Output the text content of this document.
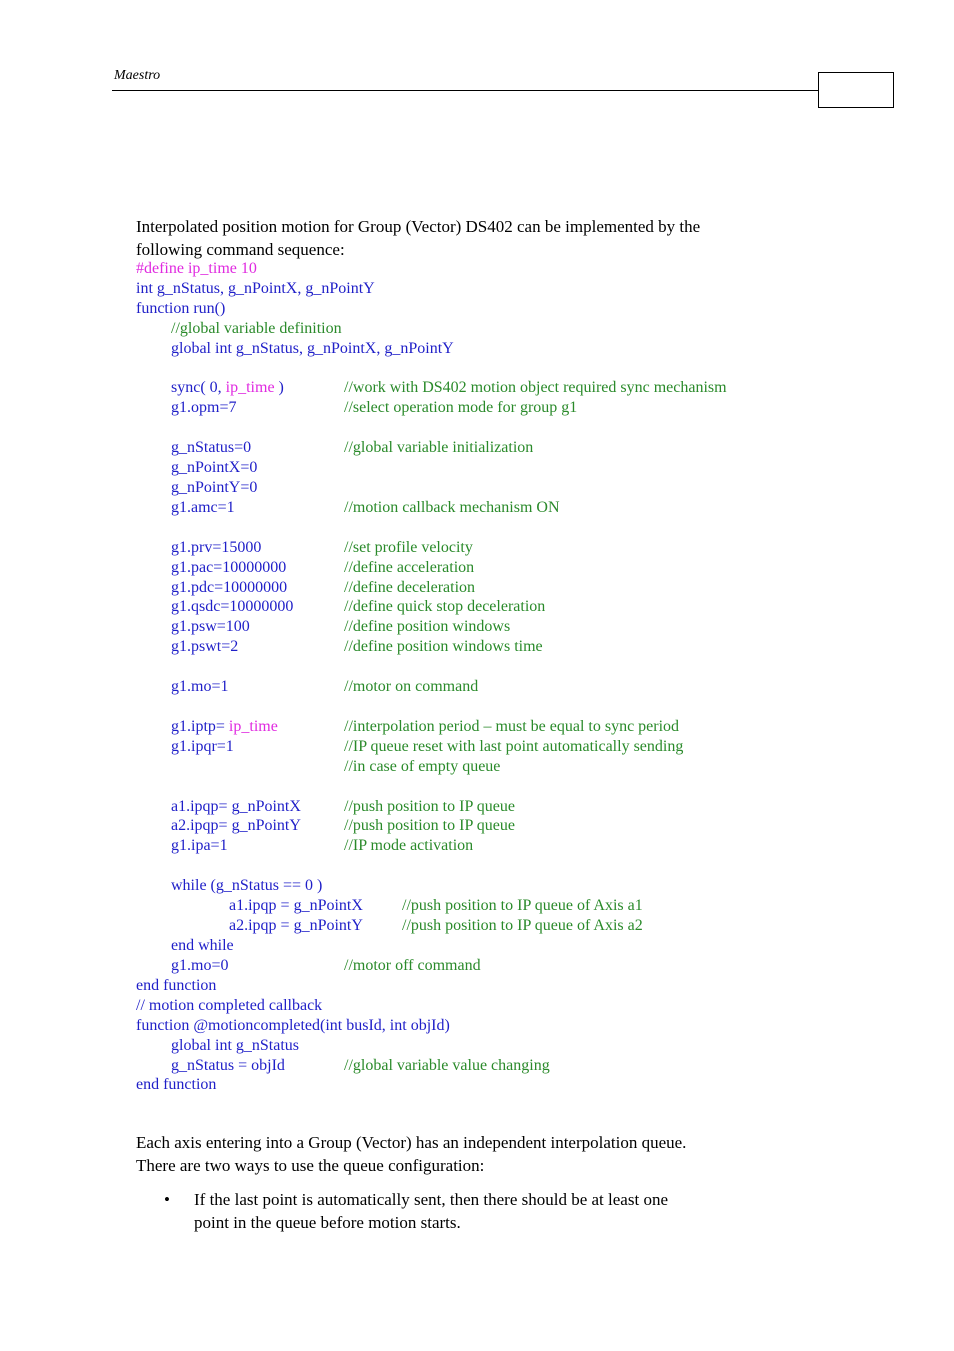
Maestro
Interpolated position motion for Group (Vector) DS402 can be implemented by the
following command sequence:
#define ip_time 10
int g_nStatus, g_nPointX, g_nPointY
function run()
//global variable definition
global int g_nStatus, g_nPointX, g_nPointY
sync( 0, ip_time )	//work with DS402 motion object required sync mechanism
g1.opm=7	//select operation mode for group g1
g_nStatus=0	//global variable initialization
g_nPointX=0
g_nPointY=0
g1.amc=1	//motion callback mechanism ON
g1.prv=15000	//set profile velocity
g1.pac=10000000	//define acceleration
g1.pdc=10000000	//define deceleration
g1.qsdc=10000000	//define quick stop deceleration
g1.psw=100	//define position windows
g1.pswt=2	//define position windows time
g1.mo=1	//motor on command
g1.iptp= ip_time	//interpolation period – must be equal to sync period
g1.ipqr=1	//IP queue reset with last point automatically sending
//in case of empty queue
a1.ipqp= g_nPointX	//push position to IP queue
a2.ipqp= g_nPointY	//push position to IP queue
g1.ipa=1	//IP mode activation
while (g_nStatus == 0 )
a1.ipqp = g_nPointX //push position to IP queue of Axis a1
a2.ipqp = g_nPointY //push position to IP queue of Axis a2
end while
g1.mo=0	//motor off command
end function
// motion completed callback
function @motioncompleted(int busId, int objId)
global int g_nStatus
g_nStatus = objId	//global variable value changing
end function
Each axis entering into a Group (Vector) has an independent interpolation queue.
There are two ways to use the queue configuration:
• If the last point is automatically sent, then there should be at least one
point in the queue before motion starts.
